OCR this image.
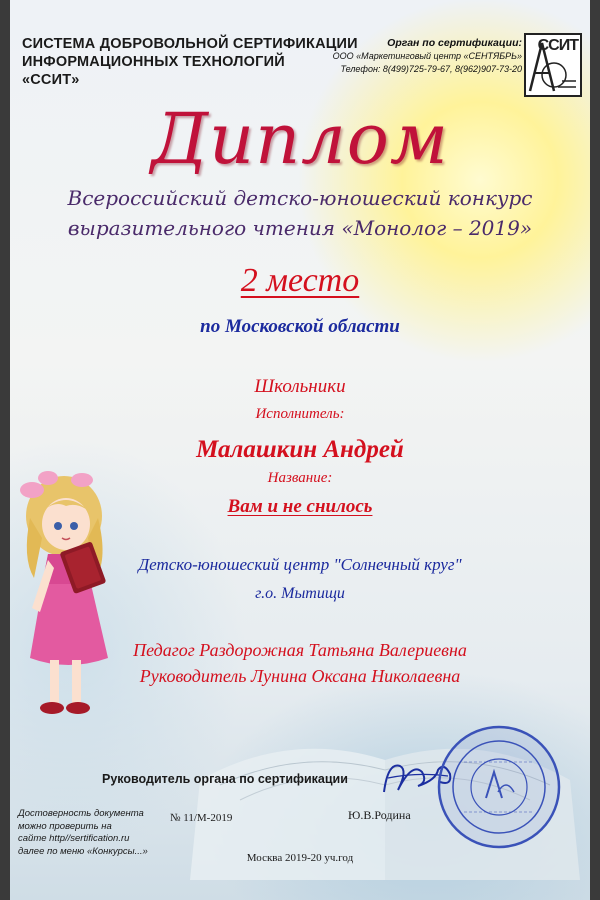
СИСТЕМА ДОБРОВОЛЬНОЙ СЕРТИФИКАЦИИ
ИНФОРМАЦИОННЫХ ТЕХНОЛОГИЙ
«ССИТ»
Орган по сертификации:
ООО «Маркетинговый центр «СЕНТЯБРЬ»
Телефон: 8(499)725-79-67, 8(962)907-73-20
ССИТ
Диплом
Всероссийский детско-юношеский конкурс
выразительного чтения «Монолог – 2019»
2 место
по Московской области
Школьники
Исполнитель:
Малашкин Андрей
Название:
Вам и не снилось
Детско-юношеский центр "Солнечный круг"
г.о. Мытищи
Педагог Раздорожная Татьяна Валериевна
Руководитель Лунина Оксана Николаевна
Руководитель органа по сертификации
Достоверность документа
можно проверить на
сайте http//sertification.ru
далее по меню «Конкурсы...»
№ 11/М-2019	Ю.В.Родина
Москва 2019-20 уч.год
